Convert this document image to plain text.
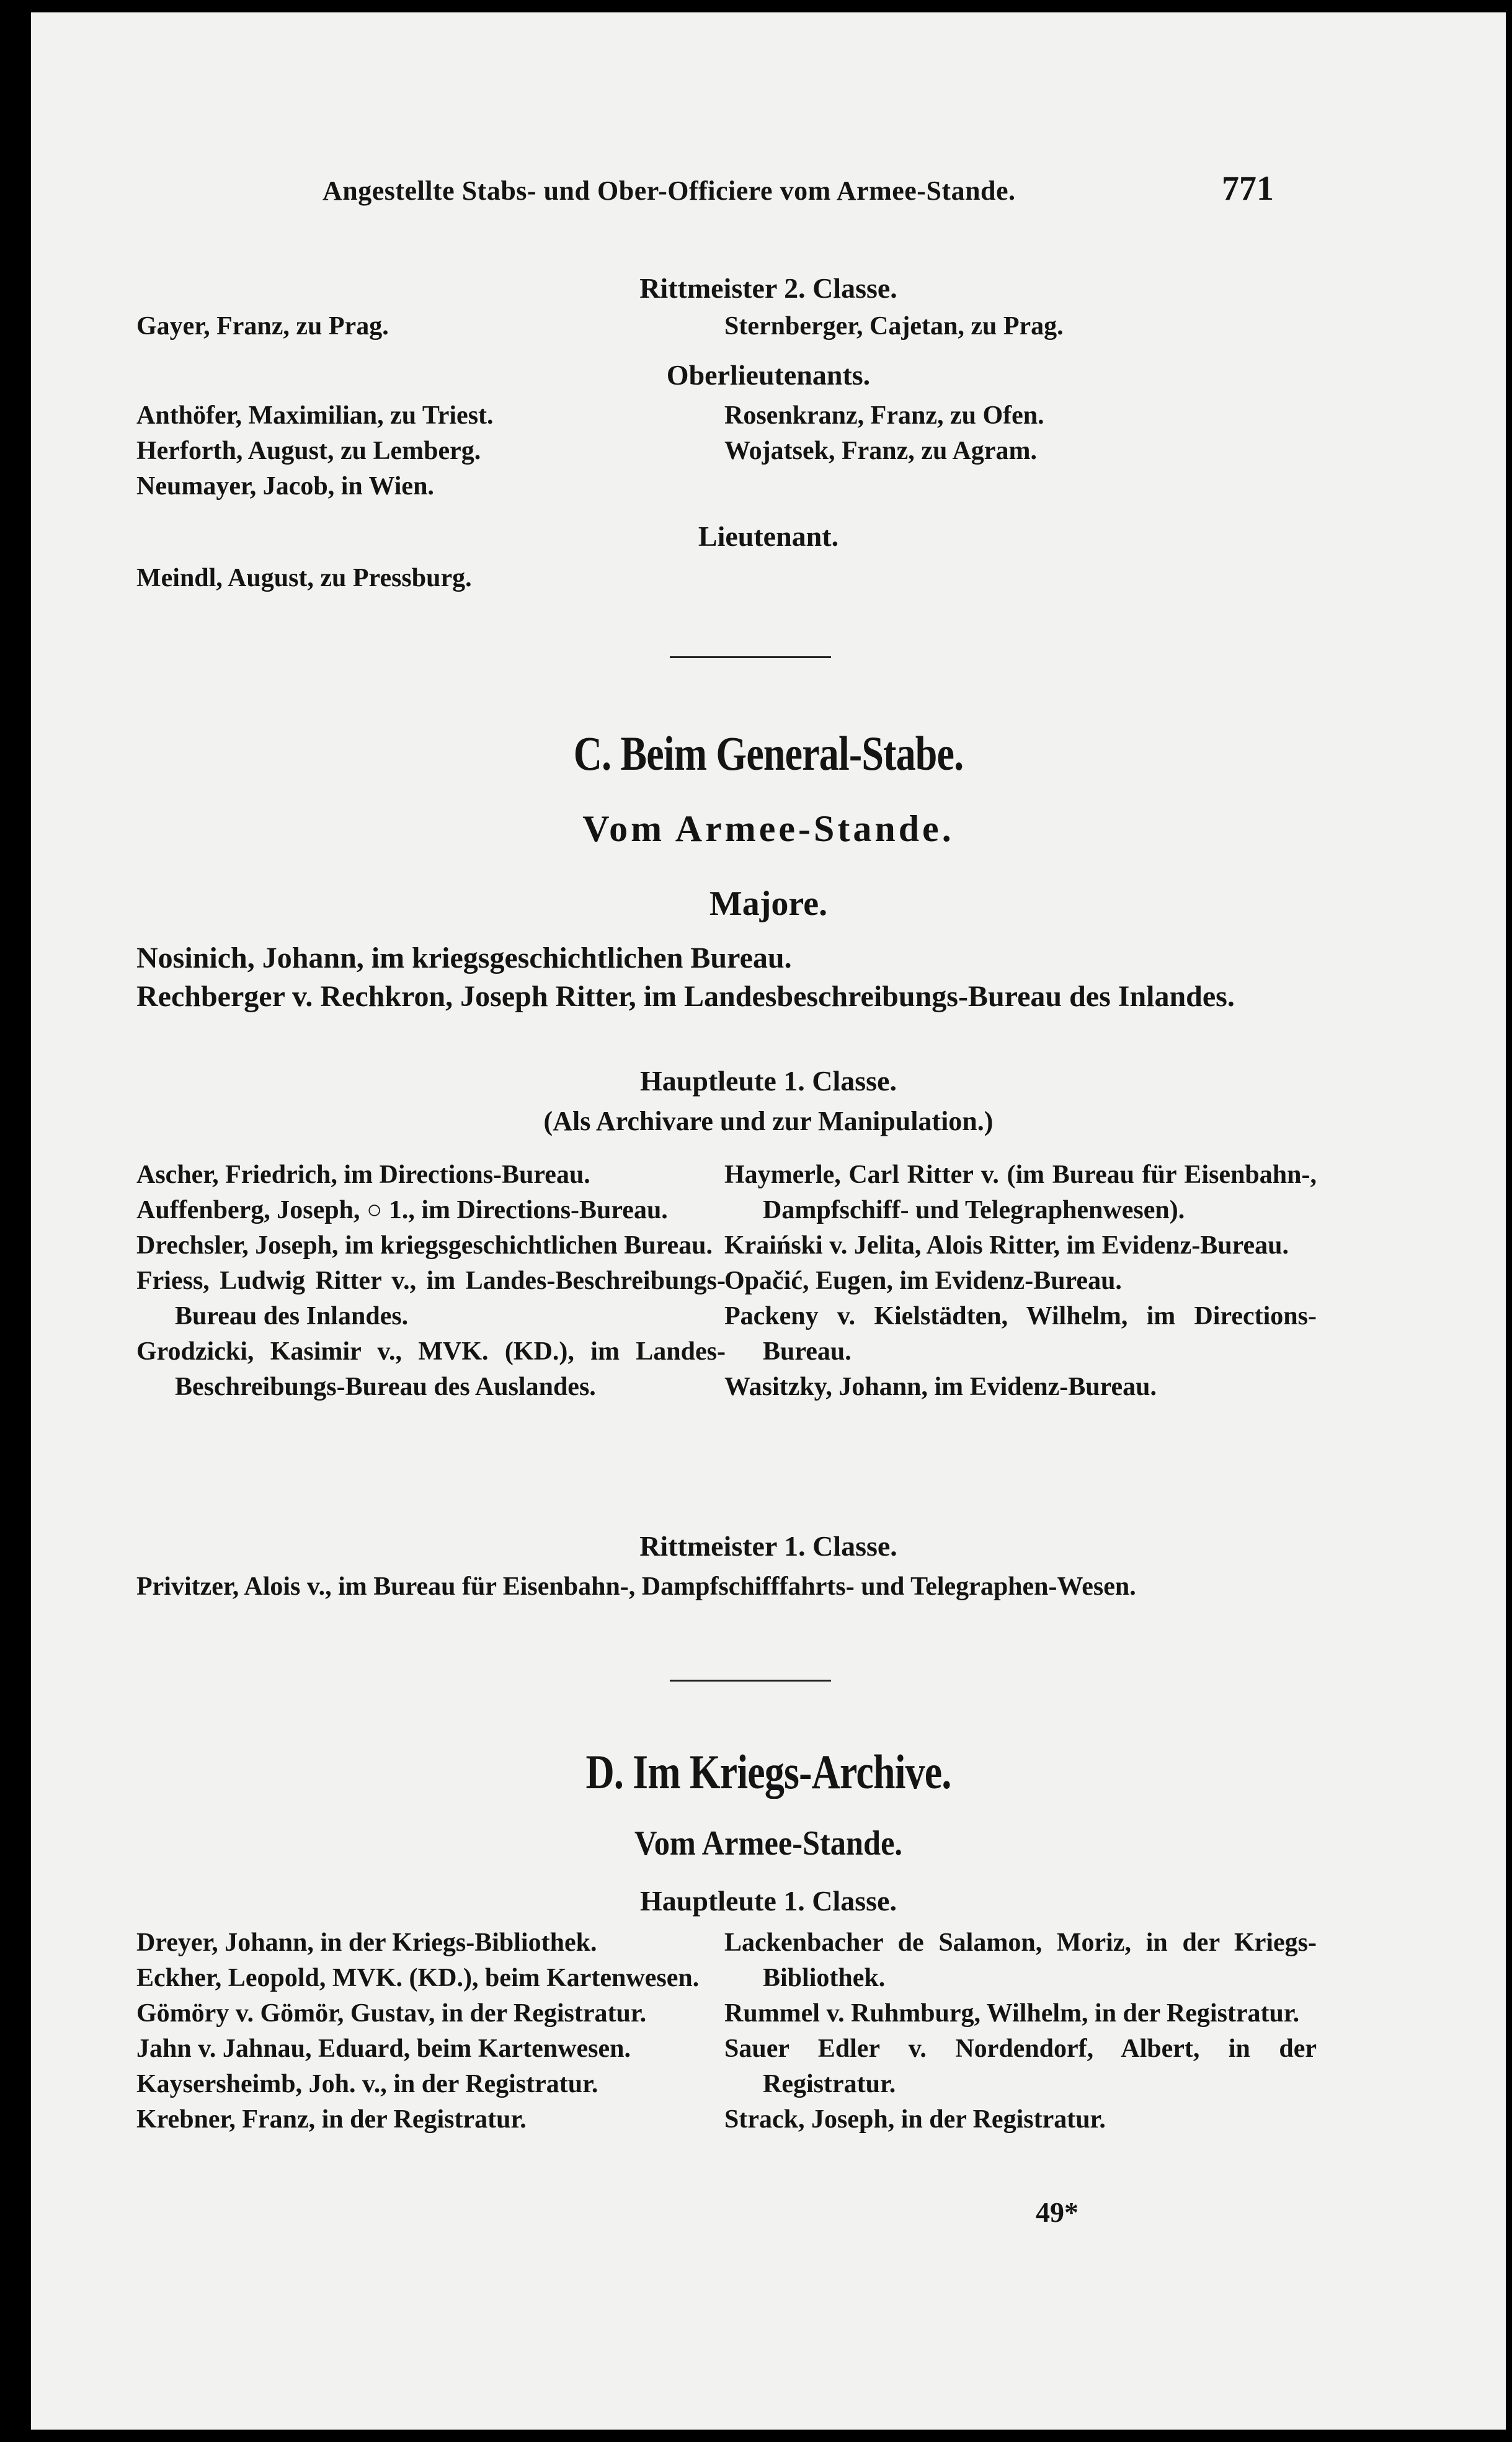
Angestellte Stabs- und Ober-Officiere vom Armee-Stande.	771
Rittmeister 2. Classe.

Gayer, Franz, zu Prag.	Sternberger, Cajetan, zu Prag.

Oberlieutenants.

Anthöfer, Maximilian, zu Triest.

Herforth, August, zu Lemberg.

Neumayer, Jacob, in Wien.

Rosenkranz, Franz, zu Ofen.

Wojatsek, Franz, zu Agram.

Lieutenant.

Meindl, August, zu Pressburg.

C. Beim General-Stabe.
Vom Armee-Stande.
Majore.

Nosinich, Johann, im kriegsgeschichtlichen Bureau.

Rechberger v. Rechkron, Joseph Ritter, im Landesbeschreibungs-Bureau des Inlandes.

Hauptleute 1. Classe.
(Als Archivare und zur Manipulation.)

Ascher, Friedrich, im Directions-Bureau.

Auffenberg, Joseph, ○ 1., im Directions-Bureau.

Drechsler, Joseph, im kriegsgeschichtlichen Bureau.

Friess, Ludwig Ritter v., im Landes-Beschreibungs-Bureau des Inlandes.

Grodzicki, Kasimir v., MVK. (KD.), im Landes-Beschreibungs-Bureau des Auslandes.

Haymerle, Carl Ritter v. (im Bureau für Eisenbahn-, Dampfschiff- und Telegraphenwesen).

Kraiński v. Jelita, Alois Ritter, im Evidenz-Bureau.

Opačić, Eugen, im Evidenz-Bureau.

Packeny v. Kielstädten, Wilhelm, im Directions-Bureau.

Wasitzky, Johann, im Evidenz-Bureau.

Rittmeister 1. Classe.

Privitzer, Alois v., im Bureau für Eisenbahn-, Dampfschifffahrts- und Telegraphen-Wesen.

D. Im Kriegs-Archive.
Vom Armee-Stande.
Hauptleute 1. Classe.

Dreyer, Johann, in der Kriegs-Bibliothek.

Eckher, Leopold, MVK. (KD.), beim Kartenwesen.

Gömöry v. Gömör, Gustav, in der Registratur.

Jahn v. Jahnau, Eduard, beim Kartenwesen.

Kaysersheimb, Joh. v., in der Registratur.

Krebner, Franz, in der Registratur.

Lackenbacher de Salamon, Moriz, in der Kriegs-Bibliothek.

Rummel v. Ruhmburg, Wilhelm, in der Registratur.

Sauer Edler v. Nordendorf, Albert, in der Registratur.

Strack, Joseph, in der Registratur.

49*
